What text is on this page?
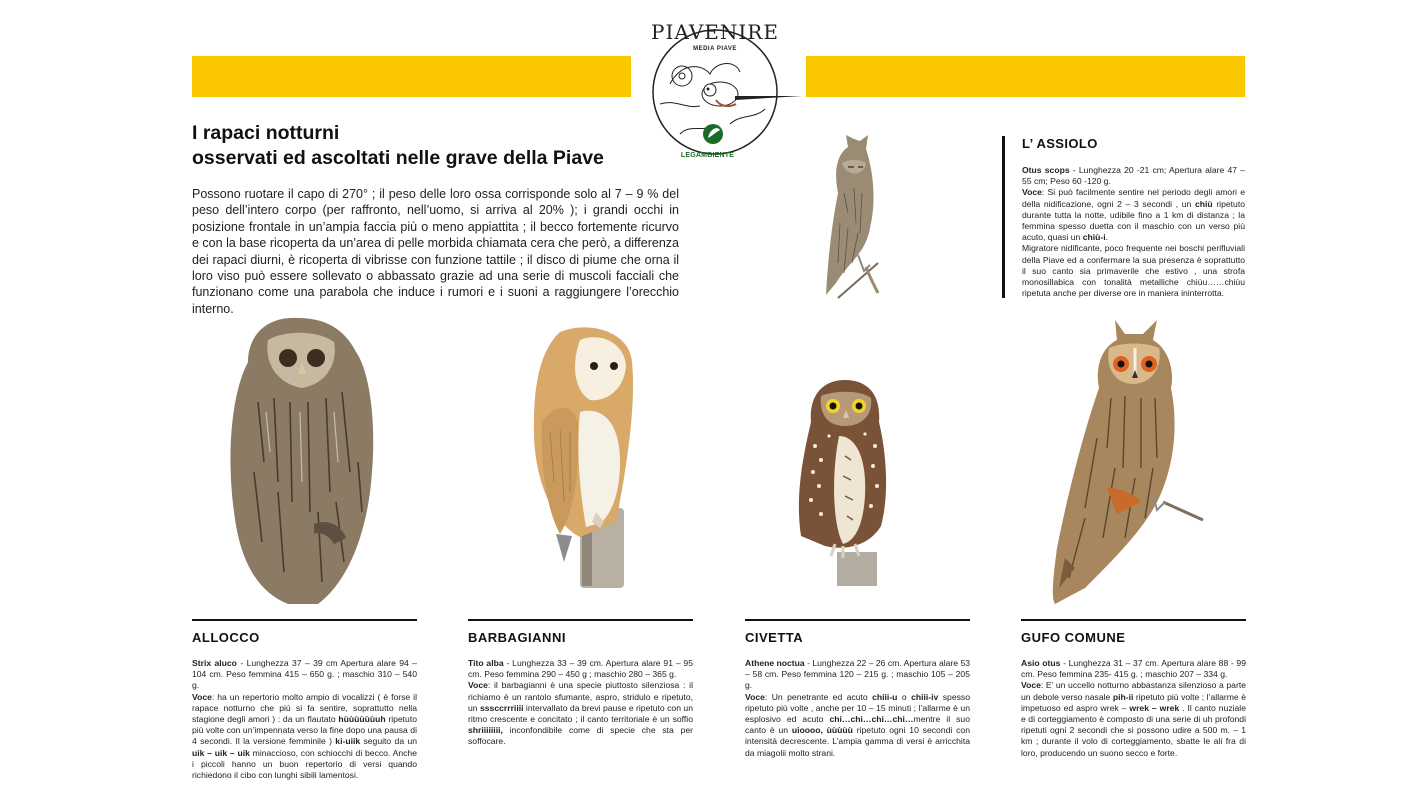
PIAVENIRE
MEDIA PIAVE
LEGAMBIENTE
I rapaci notturni
osservati ed ascoltati nelle grave della Piave

Possono ruotare il capo di 270° ; il peso delle loro ossa corrisponde solo al 7 – 9 % del peso dell’intero corpo (per raffronto, nell’uomo, si arriva al 20% ); i grandi occhi in posizione frontale in un’ampia faccia più o meno appiattita ; il becco fortemente ricurvo e con la base ricoperta da un’area di pelle morbida chiamata cera che però, a differenza dei rapaci diurni, è ricoperta di vibrisse con funzione tattile ; il disco di piume che orna il loro viso può essere sollevato o abbassato grazie ad una serie di muscoli facciali che funzionano come una parabola che induce i rumori e i suoni a raggiungere l’orecchio interno.

L’ ASSIOLO

Otus scops - Lunghezza 20 -21 cm; Apertura alare 47 – 55 cm; Peso 60 -120 g.
Voce: Si può facilmente sentire nel periodo degli amori e della nidificazione, ogni 2 – 3 secondi , un chiù ripetuto durante tutta la notte, udibile fino a 1 km di distanza ; la femmina spesso duetta con il maschio con un verso più acuto, quasi un chiù-i.
Migratore nidificante, poco frequente nei boschi perifluviali della Piave ed a confermare la sua presenza è soprattutto il suo canto sia primaverile che estivo , una strofa monosillabica con tonalità metalliche chiùu……chiùu ripetuta anche per diverse ore in maniera ininterrotta.

ALLOCCO

Strix aluco - Lunghezza 37 – 39 cm Apertura alare 94 – 104 cm. Peso femmina 415 – 650 g. ; maschio 310 – 540 g.
Voce: ha un repertorio molto ampio di vocalizzi ( è forse il rapace notturno che più si fa sentire, soprattutto nella stagione degli amori ) : da un flautato hùùùùùùuh ripetuto più volte con un’impennata verso la fine dopo una pausa di 4 secondi. Il la versione femminile ) ki-uiik seguito da un uik – uik – uik minaccioso, con schiocchi di becco. Anche i piccoli hanno un buon repertorio di versi quando richiedono il cibo con lunghi sibili lamentosi.

BARBAGIANNI

Tito alba - Lunghezza 33 – 39 cm. Apertura alare 91 – 95 cm. Peso femmina 290 – 450 g ; maschio 280 – 365 g.
Voce: il barbagianni è una specie piuttosto silenziosa : il richiamo è un rantolo sfumante, aspro, stridulo e ripetuto, un sssccrrriiii intervallato da brevi pause e ripetuto con un ritmo crescente e concitato ; il canto territoriale è un soffio shriiiiiiii, inconfondibile come di specie che sta per soffocare.

CIVETTA

Athene noctua - Lunghezza 22 – 26 cm. Apertura alare 53 – 58 cm. Peso femmina 120 – 215 g. ; maschio 105 – 205 g.
Voce: Un penetrante ed acuto chiii-u o chiii-iv spesso ripetuto più volte , anche per 10 – 15 minuti ; l’allarme è un esplosivo ed acuto chi…chi…chi…chi…mentre il suo canto è un uioooo, ùùùùù ripetuto ogni 10 secondi con intensità decrescente. L’ampia gamma di versi è arricchita da miagolii molto strani.

GUFO COMUNE

Asio otus - Lunghezza 31 – 37 cm. Apertura alare 88 - 99 cm. Peso femmina 235- 415 g. ; maschio 207 – 334 g.
Voce: E’ un uccello notturno abbastanza silenzioso a parte un debole verso nasale pih-ii ripetuto più volte ; l’allarme è impetuoso ed aspro wrek – wrek – wrek . Il canto nuziale e di corteggiamento è composto di una serie di uh profondi ripetuti ogni 2 secondi che si possono udire a 500 m. – 1 km ; durante il volo di corteggiamento, sbatte le ali fra di loro, producendo un suono secco e forte.
